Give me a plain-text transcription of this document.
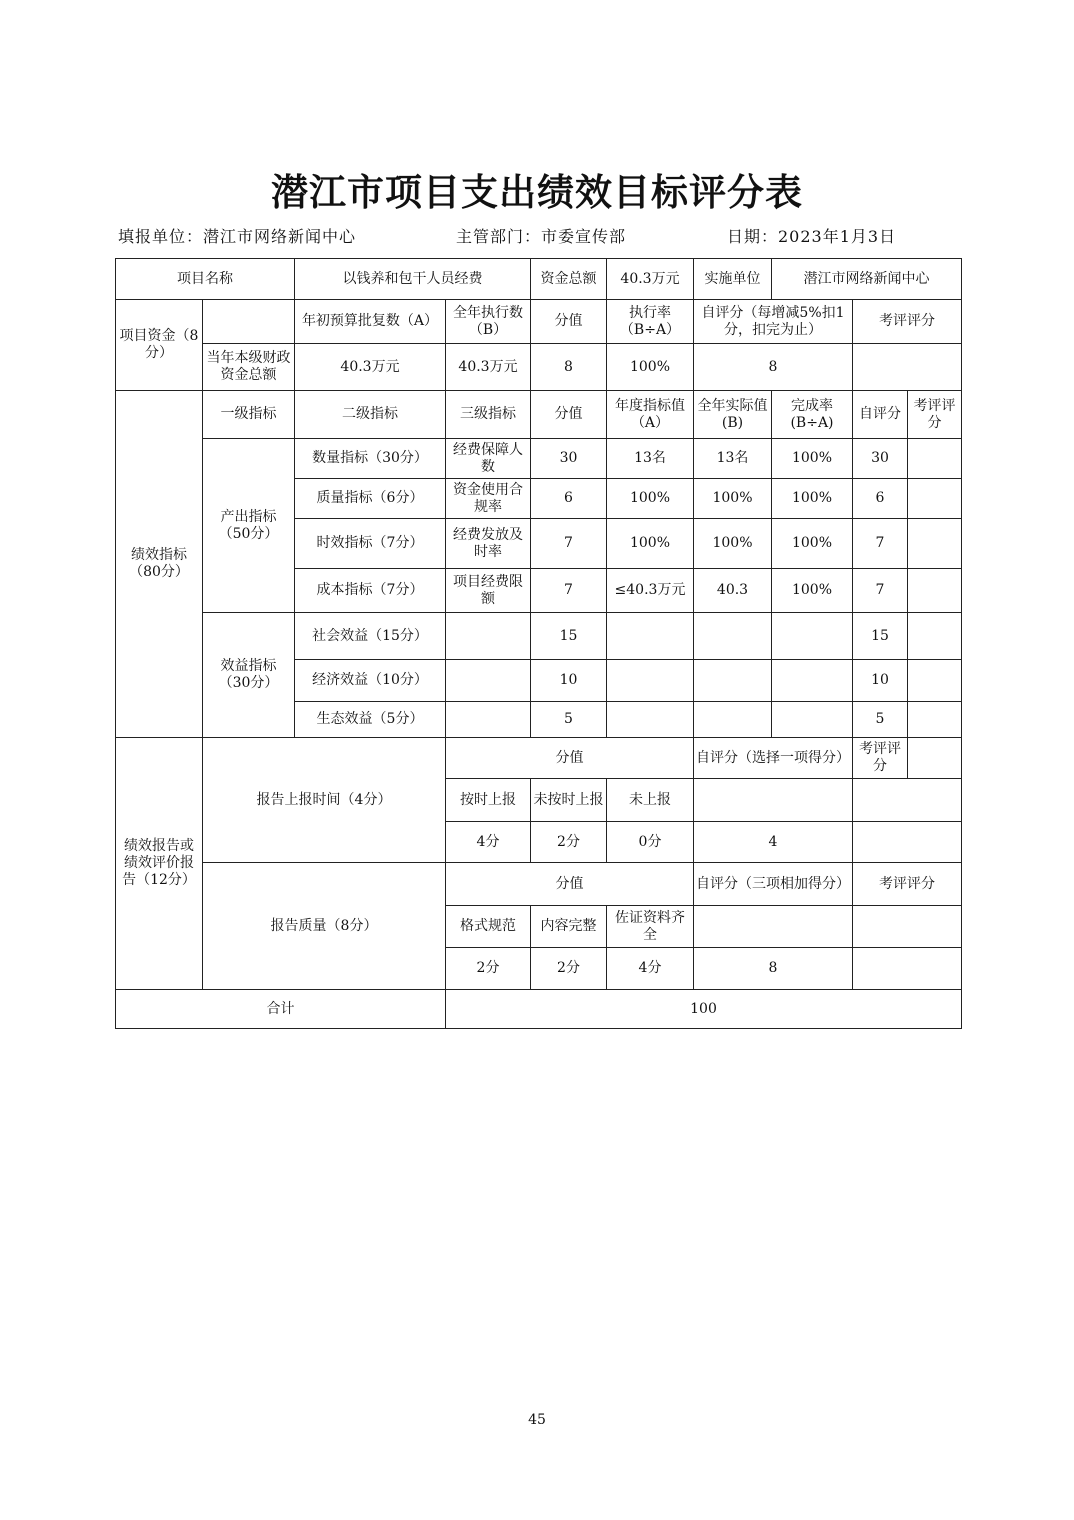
潜江市项目支出绩效目标评分表
填报单位：潜江市网络新闻中心	主管部门：市委宣传部	日期：2023年1月3日
项目名称		以钱养和包干人员经费		资金总额	40.3万元	实施单位	潜江市网络新闻中心		
项目资金（8分）		年初预算批复数（A）	全年执行数（B）	分值	执行率（B÷A）	自评分（每增减5%扣1分，扣完为止）		考评评分	
	当年本级财政资金总额	40.3万元	40.3万元	8	100%	8			
绩效指标（80分）	一级指标	二级指标	三级指标	分值	年度指标值（A）	全年实际值(B)	完成率(B÷A)	自评分	考评评分
	产出指标（50分）	数量指标（30分）	经费保障人数	30	13名	13名	100%	30	
		质量指标（6分）	资金使用合规率	6	100%	100%	100%	6	
		时效指标（7分）	经费发放及时率	7	100%	100%	100%	7	
		成本指标（7分）	项目经费限额	7	≤40.3万元	40.3	100%	7	
	效益指标（30分）	社会效益（15分）		15				15	
		经济效益（10分）		10				10	
		生态效益（5分）		5				5	
绩效报告或绩效评价报告（12分）	报告上报时间（4分）		分值			自评分（选择一项得分）		考评评分	
			按时上报	未按时上报	未上报				
			4分	2分	0分	4			
	报告质量（8分）		分值			自评分（三项相加得分）		考评评分	
			格式规范	内容完整	佐证资料齐全				
			2分	2分	4分	8			
合计			100						
45
